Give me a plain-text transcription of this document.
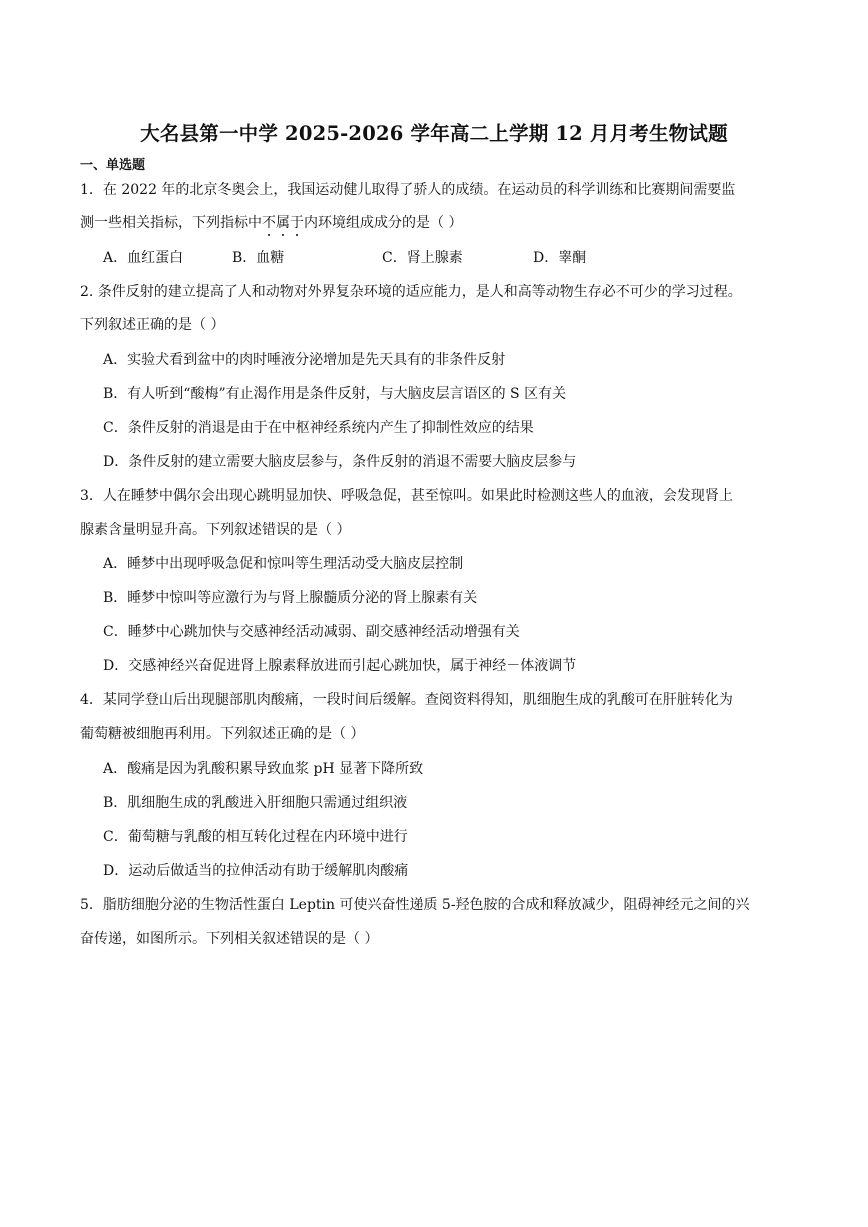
大名县第一中学 2025-2026 学年高二上学期 12 月月考生物试题
一、单选题
1．在 2022 年的北京冬奥会上，我国运动健儿取得了骄人的成绩。在运动员的科学训练和比赛期间需要监
测一些相关指标，下列指标中不属于内环境组成成分的是（ ）
A．血红蛋白	B．血糖	C．肾上腺素	D．睾酮
2. 条件反射的建立提高了人和动物对外界复杂环境的适应能力，是人和高等动物生存必不可少的学习过程。
下列叙述正确的是（ ）
A．实验犬看到盆中的肉时唾液分泌增加是先天具有的非条件反射
B．有人听到“酸梅”有止渴作用是条件反射，与大脑皮层言语区的 S 区有关
C．条件反射的消退是由于在中枢神经系统内产生了抑制性效应的结果
D．条件反射的建立需要大脑皮层参与，条件反射的消退不需要大脑皮层参与
3．人在睡梦中偶尔会出现心跳明显加快、呼吸急促，甚至惊叫。如果此时检测这些人的血液，会发现肾上
腺素含量明显升高。下列叙述错误的是（ ）
A．睡梦中出现呼吸急促和惊叫等生理活动受大脑皮层控制
B．睡梦中惊叫等应激行为与肾上腺髓质分泌的肾上腺素有关
C．睡梦中心跳加快与交感神经活动减弱、副交感神经活动增强有关
D．交感神经兴奋促进肾上腺素释放进而引起心跳加快，属于神经－体液调节
4．某同学登山后出现腿部肌肉酸痛，一段时间后缓解。查阅资料得知，肌细胞生成的乳酸可在肝脏转化为
葡萄糖被细胞再利用。下列叙述正确的是（ ）
A．酸痛是因为乳酸积累导致血浆 pH 显著下降所致
B．肌细胞生成的乳酸进入肝细胞只需通过组织液
C．葡萄糖与乳酸的相互转化过程在内环境中进行
D．运动后做适当的拉伸活动有助于缓解肌肉酸痛
5．脂肪细胞分泌的生物活性蛋白 Leptin 可使兴奋性递质 5-羟色胺的合成和释放减少，阻碍神经元之间的兴
奋传递，如图所示。下列相关叙述错误的是（ ）
